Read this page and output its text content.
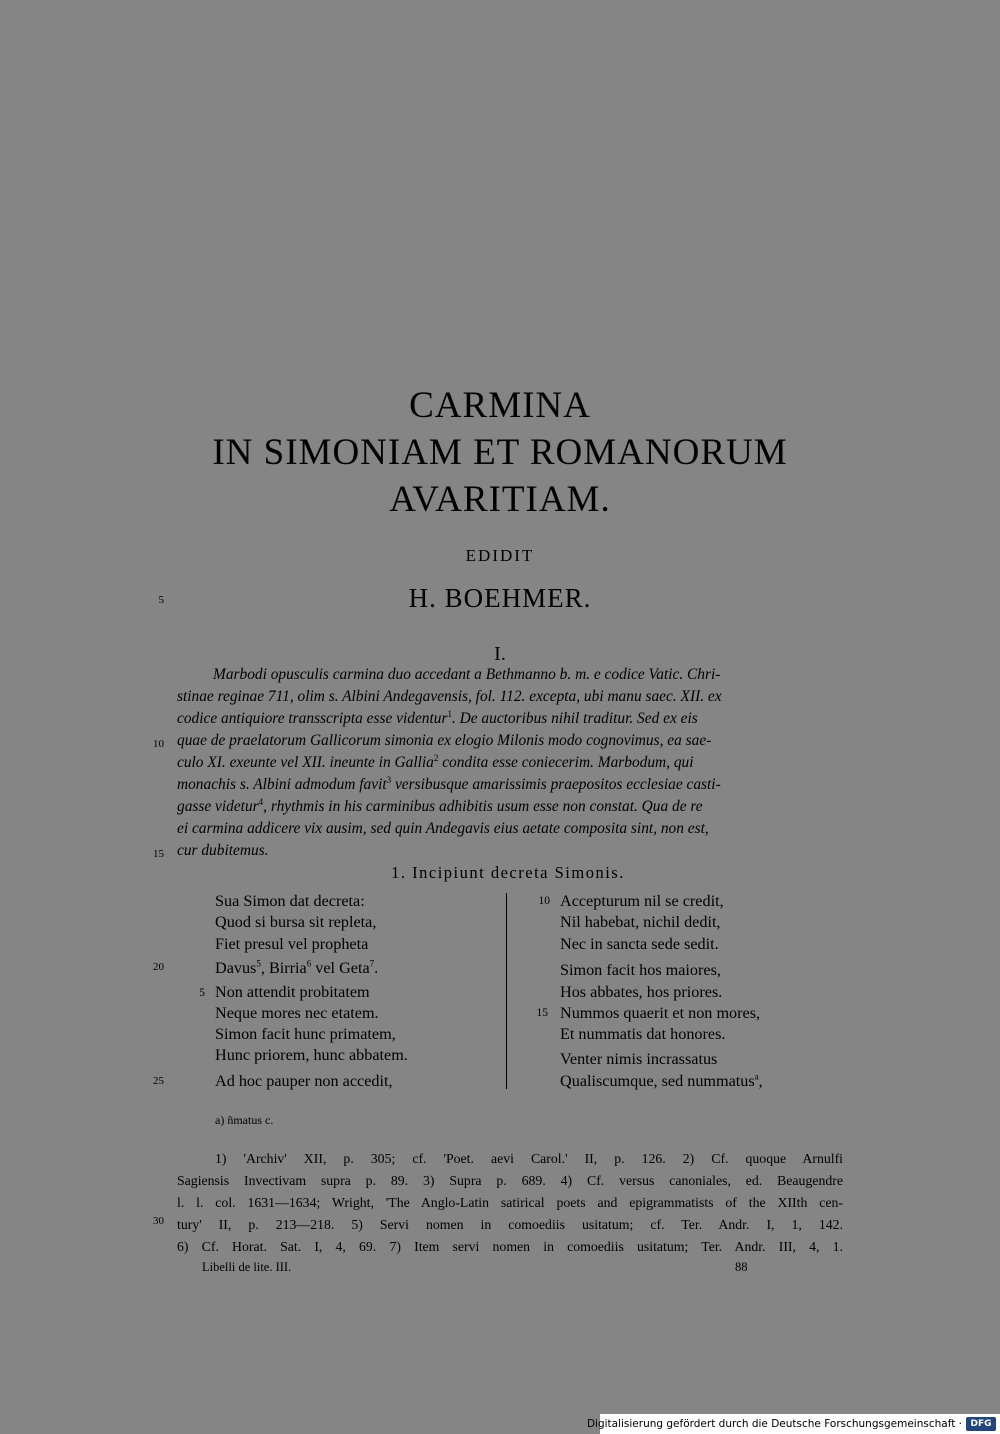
CARMINA
IN SIMONIAM ET ROMANORUM
AVARITIAM.
EDIDIT
H. BOEHMER.
5
I.
Marbodi opusculis carmina duo accedant a Bethmanno b. m. e codice Vatic. Chri-
stinae reginae 711, olim s. Albini Andegavensis, fol. 112. excepta, ubi manu saec. XII. ex
codice antiquiore transscripta esse videntur$^1$. De auctoribus nihil traditur. Sed ex eis
quae de praelatorum Gallicorum simonia ex elogio Milonis modo cognovimus, ea sae-
culo XI. exeunte vel XII. ineunte in Gallia$^2$ condita esse coniecerim. Marbodum, qui
monachis s. Albini admodum favit$^3$ versibusque amarissimis praepositos ecclesiae casti-
gasse videtur$^4$, rhythmis in his carminibus adhibitis usum esse non constat. Qua de re
ei carmina addicere vix ausim, sed quin Andegavis eius aetate composita sint, non est,
cur dubitemus.
10
15
1. Incipiunt decreta Simonis.
Sua Simon dat decreta:
Quod si bursa sit repleta,
Fiet presul vel propheta
Davus$^5$, Birria$^6$ vel Geta$^7$.
Non attendit probitatem
Neque mores nec etatem.
Simon facit hunc primatem,
Hunc priorem, hunc abbatem.
Ad hoc pauper non accedit,
20
5
25
10 Accepturum nil se credit,
Nil habebat, nichil dedit,
Nec in sancta sede sedit.
Simon facit hos maiores,
Hos abbates, hos priores.
15 Nummos quaerit et non mores,
Et nummatis dat honores.
Venter nimis incrassatus
Qualiscumque, sed nummatus$^a$,
a) ñmatus c.
1) 'Archiv' XII, p. 305; cf. 'Poet. aevi Carol.' II, p. 126. 2) Cf. quoque Arnulfi
Sagiensis Invectivam supra p. 89. 3) Supra p. 689. 4) Cf. versus canoniales, ed. Beaugendre
l. l. col. 1631—1634; Wright, 'The Anglo-Latin satirical poets and epigrammatists of the XIIth cen-
tury' II, p. 213—218. 5) Servi nomen in comoediis usitatum; cf. Ter. Andr. I, 1, 142.
6) Cf. Horat. Sat. I, 4, 69. 7) Item servi nomen in comoediis usitatum; Ter. Andr. III, 4, 1.
30
Libelli de lite. III.	88
Digitalisierung gefördert durch die Deutsche Forschungsgemeinschaft · DFG
